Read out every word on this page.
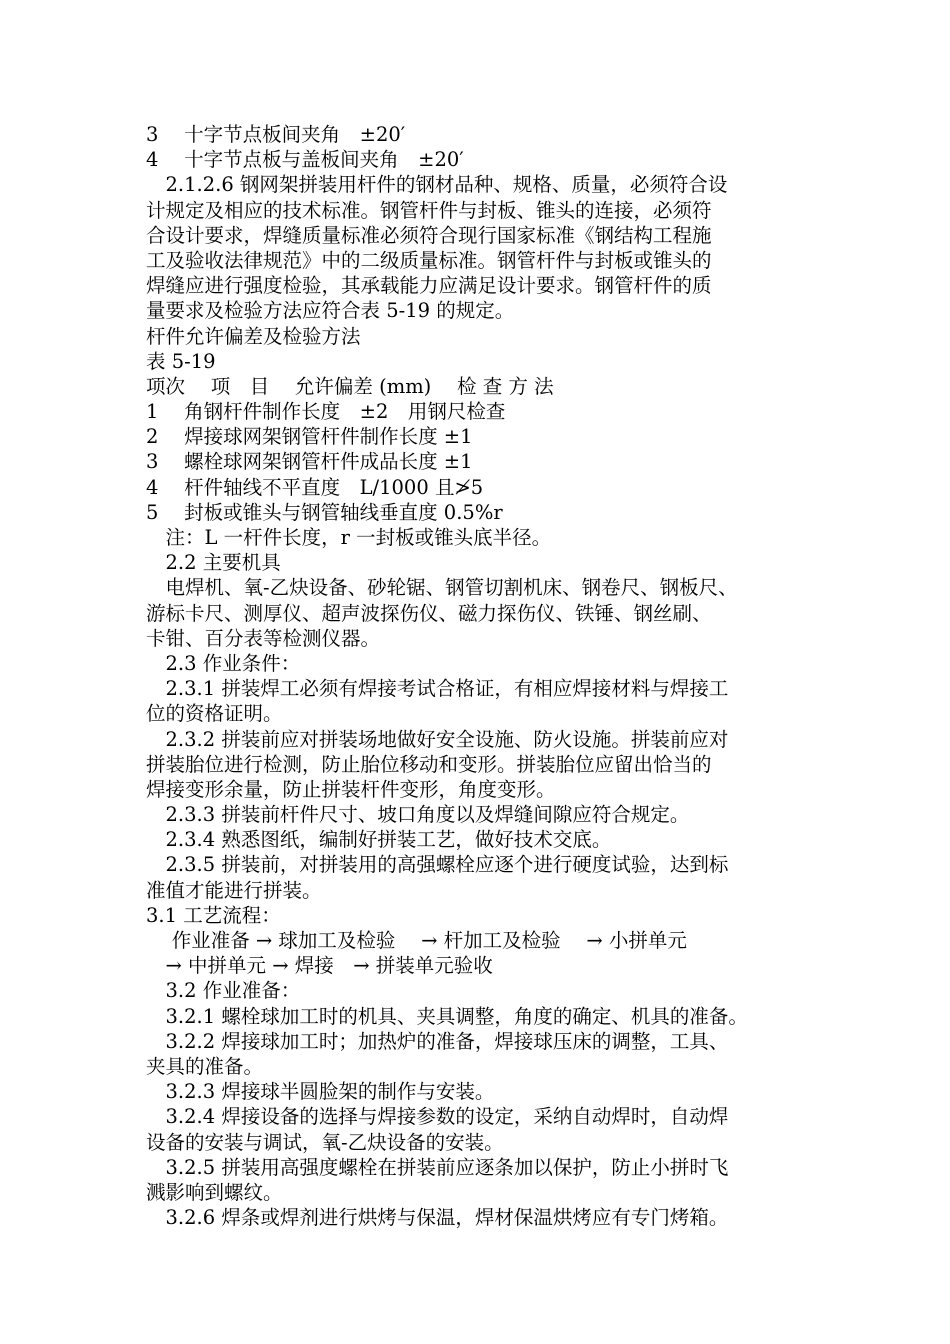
3　 十字节点板间夹角　±20′
4　 十字节点板与盖板间夹角　±20′
　2.1.2.6 钢网架拼装用杆件的钢材品种、规格、质量，必须符合设
计规定及相应的技术标准。钢管杆件与封板、锥头的连接，必须符
合设计要求，焊缝质量标准必须符合现行国家标准《钢结构工程施
工及验收法律规范》中的二级质量标准。钢管杆件与封板或锥头的
焊缝应进行强度检验，其承载能力应满足设计要求。钢管杆件的质
量要求及检验方法应符合表 5-19 的规定。
杆件允许偏差及检验方法
表 5-19
项次　 项　目　 允许偏差 (mm)　 检 查 方 法
1　 角钢杆件制作长度　±2　用钢尺检查
2　 焊接球网架钢管杆件制作长度 ±1
3　 螺栓球网架钢管杆件成品长度 ±1
4　 杆件轴线不平直度　L/1000 且≯5
5　 封板或锥头与钢管轴线垂直度 0.5%r
　注：L 一杆件长度，r 一封板或锥头底半径。
　2.2 主要机具
　电焊机、氧-乙炔设备、砂轮锯、钢管切割机床、钢卷尺、钢板尺、
游标卡尺、测厚仪、超声波探伤仪、磁力探伤仪、铁锤、钢丝刷、
卡钳、百分表等检测仪器。
　2.3 作业条件：
　2.3.1 拼装焊工必须有焊接考试合格证，有相应焊接材料与焊接工
位的资格证明。
　2.3.2 拼装前应对拼装场地做好安全设施、防火设施。拼装前应对
拼装胎位进行检测，防止胎位移动和变形。拼装胎位应留出恰当的
焊接变形余量，防止拼装杆件变形，角度变形。
　2.3.3 拼装前杆件尺寸、坡口角度以及焊缝间隙应符合规定。
　2.3.4 熟悉图纸，编制好拼装工艺，做好技术交底。
　2.3.5 拼装前，对拼装用的高强螺栓应逐个进行硬度试验，达到标
准值才能进行拼装。
3.1 工艺流程：
　 作业准备 → 球加工及检验　 → 杆加工及检验　 → 小拼单元
　→ 中拼单元 → 焊接　→ 拼装单元验收
　3.2 作业准备：
　3.2.1 螺栓球加工时的机具、夹具调整，角度的确定、机具的准备。
　3.2.2 焊接球加工时；加热炉的准备，焊接球压床的调整，工具、
夹具的准备。
　3.2.3 焊接球半圆脸架的制作与安装。
　3.2.4 焊接设备的选择与焊接参数的设定，采纳自动焊时，自动焊
设备的安装与调试，氧-乙炔设备的安装。
　3.2.5 拼装用高强度螺栓在拼装前应逐条加以保护，防止小拼时飞
溅影响到螺纹。
　3.2.6 焊条或焊剂进行烘烤与保温，焊材保温烘烤应有专门烤箱。
